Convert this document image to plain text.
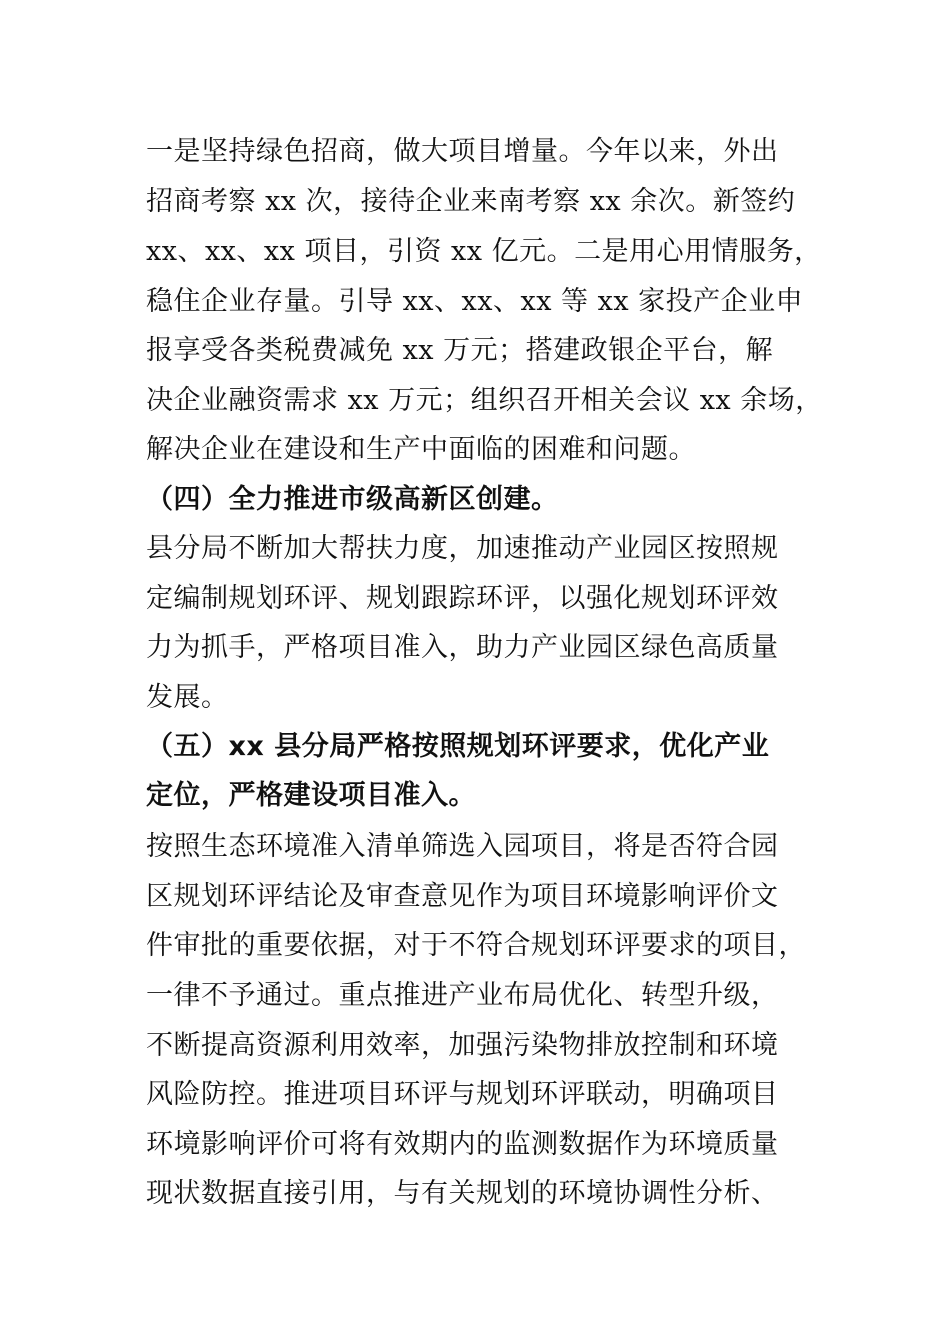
一是坚持绿色招商，做大项目增量。今年以来，外出
招商考察 xx 次，接待企业来南考察 xx 余次。新签约
xx、xx、xx 项目，引资 xx 亿元。二是用心用情服务，
稳住企业存量。引导 xx、xx、xx 等 xx 家投产企业申
报享受各类税费减免 xx 万元；搭建政银企平台，解
决企业融资需求 xx 万元；组织召开相关会议 xx 余场，
解决企业在建设和生产中面临的困难和问题。
（四）全力推进市级高新区创建。
县分局不断加大帮扶力度，加速推动产业园区按照规
定编制规划环评、规划跟踪环评，以强化规划环评效
力为抓手，严格项目准入，助力产业园区绿色高质量
发展。
（五）xx 县分局严格按照规划环评要求，优化产业
定位，严格建设项目准入。
按照生态环境准入清单筛选入园项目，将是否符合园
区规划环评结论及审查意见作为项目环境影响评价文
件审批的重要依据，对于不符合规划环评要求的项目，
一律不予通过。重点推进产业布局优化、转型升级，
不断提高资源利用效率，加强污染物排放控制和环境
风险防控。推进项目环评与规划环评联动，明确项目
环境影响评价可将有效期内的监测数据作为环境质量
现状数据直接引用，与有关规划的环境协调性分析、
